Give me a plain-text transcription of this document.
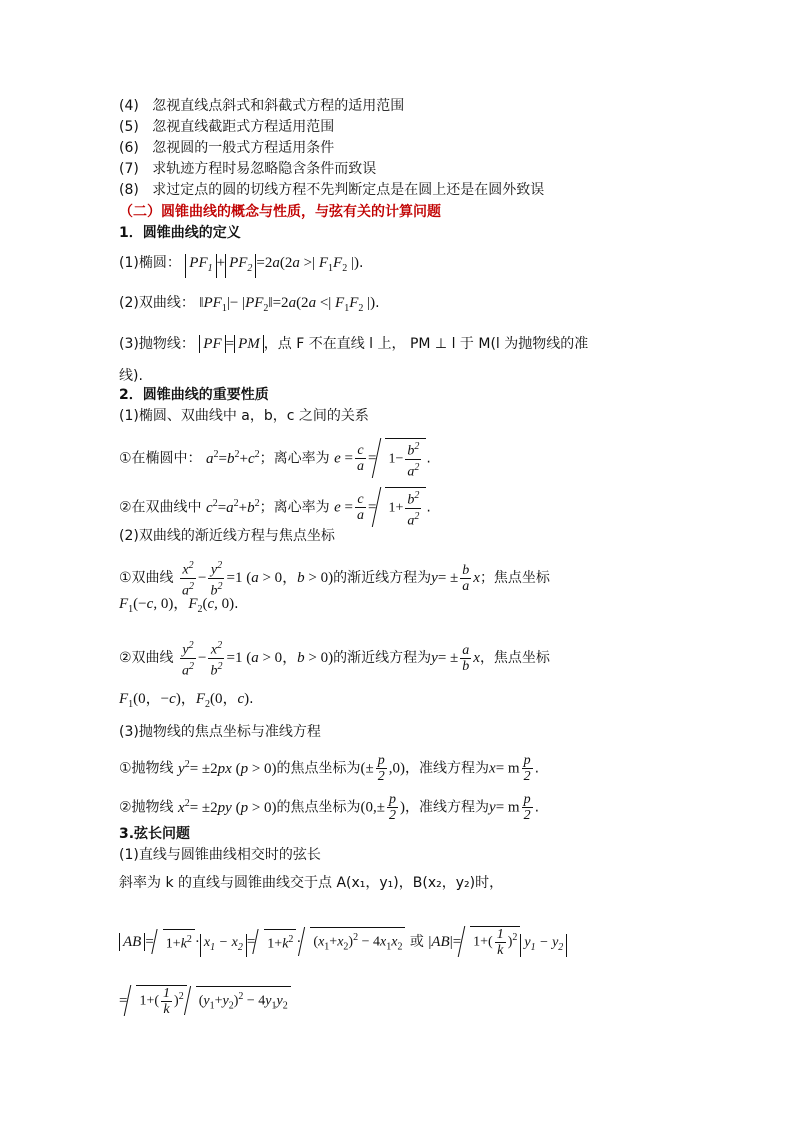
(4) 忽视直线点斜式和斜截式方程的适用范围
(5) 忽视直线截距式方程适用范围
(6) 忽视圆的一般式方程适用条件
(7) 求轨迹方程时易忽略隐含条件而致误
(8) 求过定点的圆的切线方程不先判断定点是在圆上还是在圆外致误
（二）圆锥曲线的概念与性质，与弦有关的计算问题
1．圆锥曲线的定义
(1)椭圆： $PF_1 + PF_2 =2a(2a$ >| $F_1F_2$ |).
(2)双曲线： $‖PF_1|-$ $|PF_2‖=2a(2a$ <| $F_1F_2$ |).
(3)抛物线： PF = PM ，点 F 不在直线 l 上， PM ⊥ l 于 M(l 为抛物线的准
线).
2．圆锥曲线的重要性质
(1)椭圆、双曲线中 a，b，c 之间的关系
①在椭圆中： $a^2=b^2+c^2$；离心率为 $e = \frac{c}{a} = 1- \frac{b^2}{a^2}$ .
②在双曲线中 $c^2=a^2+b^2$；离心率为 $e = \frac{c}{a} = 1+ \frac{b^2}{a^2}$ .
(2)双曲线的渐近线方程与焦点坐标
①双曲线 $\frac{x^2}{a^2} - \frac{y^2}{b^2} =1$ (a > 0，b > 0)的渐近线方程为$y= \pm \frac{b}{a}$ x；焦点坐标
$F_1(-c$, 0)，$F_2(c$, 0).
②双曲线 $\frac{y^2}{a^2} - \frac{x^2}{b^2} =1$ (a > 0，b > 0)的渐近线方程为$y= \pm \frac{a}{b}$ x，焦点坐标
$F_1(0$，−c)，$F_2(0$，c).
(3)抛物线的焦点坐标与准线方程
①抛物线 $y^2= \pm 2px$ (p > 0)的焦点坐标为(± $\frac{p}{2} ,0$)，准线方程为x= m $\frac{p}{2}$ .
②抛物线 $x^2= \pm 2py$ (p > 0)的焦点坐标为($0,\pm \frac{p}{2}$ )，准线方程为y= m $\frac{p}{2}$ .
3.弦长问题
(1)直线与圆锥曲线相交时的弦长
斜率为 k 的直线与圆锥曲线交于点 A(x₁，y₁)，B(x₂，y₂)时，
AB = $1+k^2 \cdot x_1 - x_2 = 1+k^2 \cdot (x_1+x_2)^2 - 4x_1x_2$ 或 $|AB|= 1+( \frac{1}{k} )^2$ $y_1 - y_2$
= $1+( \frac{1}{k} )^2$ $(y_1+y_2)^2 - 4y_1y_2$
